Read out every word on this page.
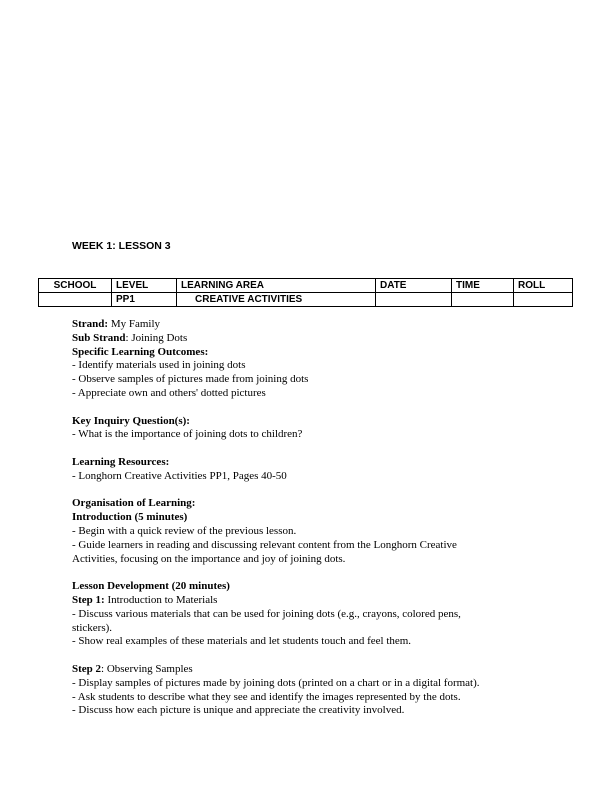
WEEK 1: LESSON 3
SCHOOL	LEVEL	LEARNING AREA	DATE	TIME	ROLL
	PP1	CREATIVE ACTIVITIES			

Strand: My Family

Sub Strand: Joining Dots

Specific Learning Outcomes:

- Identify materials used in joining dots

- Observe samples of pictures made from joining dots

- Appreciate own and others' dotted pictures

Key Inquiry Question(s):

- What is the importance of joining dots to children?

Learning Resources:

- Longhorn Creative Activities PP1, Pages 40-50

Organisation of Learning:

Introduction (5 minutes)

- Begin with a quick review of the previous lesson.

- Guide learners in reading and discussing relevant content from the Longhorn Creative

Activities, focusing on the importance and joy of joining dots.

Lesson Development (20 minutes)

Step 1: Introduction to Materials

- Discuss various materials that can be used for joining dots (e.g., crayons, colored pens,

stickers).

- Show real examples of these materials and let students touch and feel them.

Step 2: Observing Samples

- Display samples of pictures made by joining dots (printed on a chart or in a digital format).

- Ask students to describe what they see and identify the images represented by the dots.

- Discuss how each picture is unique and appreciate the creativity involved.
